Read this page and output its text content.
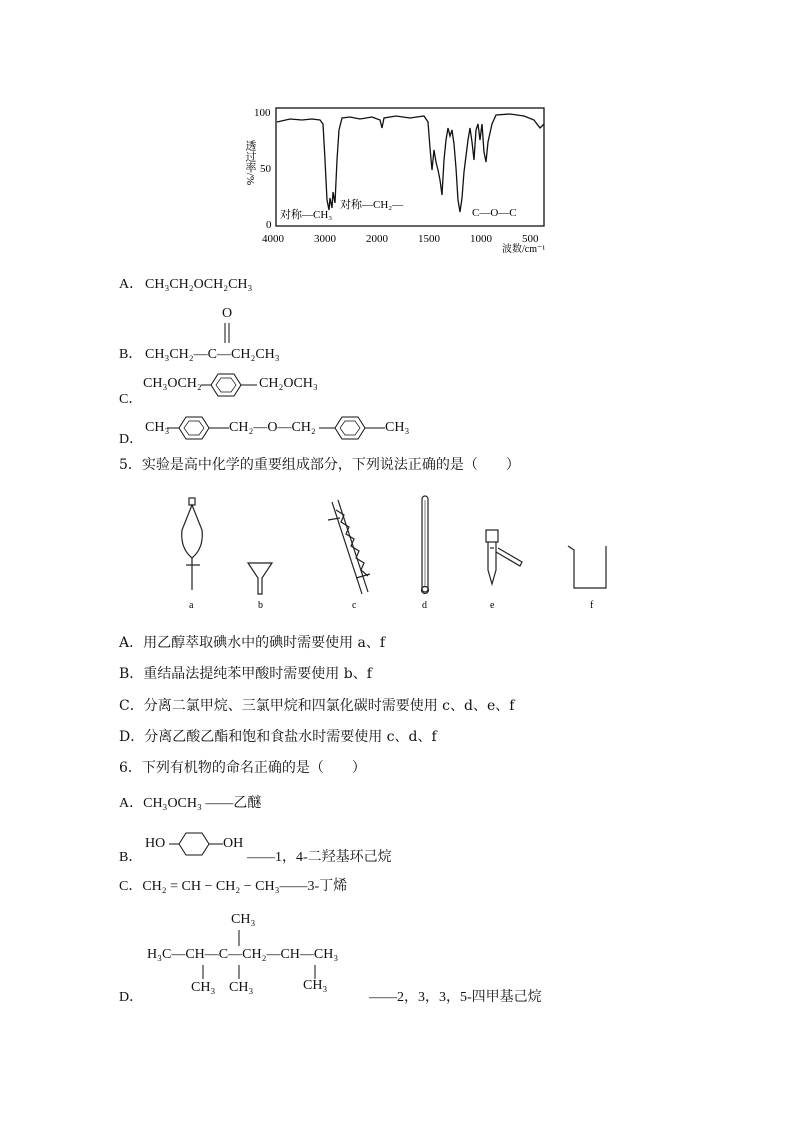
透过率/%
100
50
0
4000	3000	2000	1500	1000	500
波数/cm⁻¹
对称—CH₃
对称—CH₂—
C—O—C
A． CH₃CH₂OCH₂CH₃
O
B． CH₃CH₂—C—CH₂CH₃
C．
CH₃OCH₂	CH₂OCH₃
D．
CH₃	CH₂—O—CH₂	CH₃
5．实验是高中化学的重要组成部分，下列说法正确的是（　　）
a	b	c	d	e	f
A．用乙醇萃取碘水中的碘时需要使用 a、f
B．重结晶法提纯苯甲酸时需要使用 b、f
C．分离二氯甲烷、三氯甲烷和四氯化碳时需要使用 c、d、e、f
D．分离乙酸乙酯和饱和食盐水时需要使用 c、d、f
6．下列有机物的命名正确的是（　　）
A．CH₃OCH₃ ——乙醚
B．
HO	OH
——1，4-二羟基环己烷
C．CH₂ = CH − CH₂ − CH₃——3-丁烯
CH₃
H₃C—CH—C—CH₂—CH—CH₃
CH₃ CH₃	CH₃
D．	——2，3，3，5-四甲基己烷
